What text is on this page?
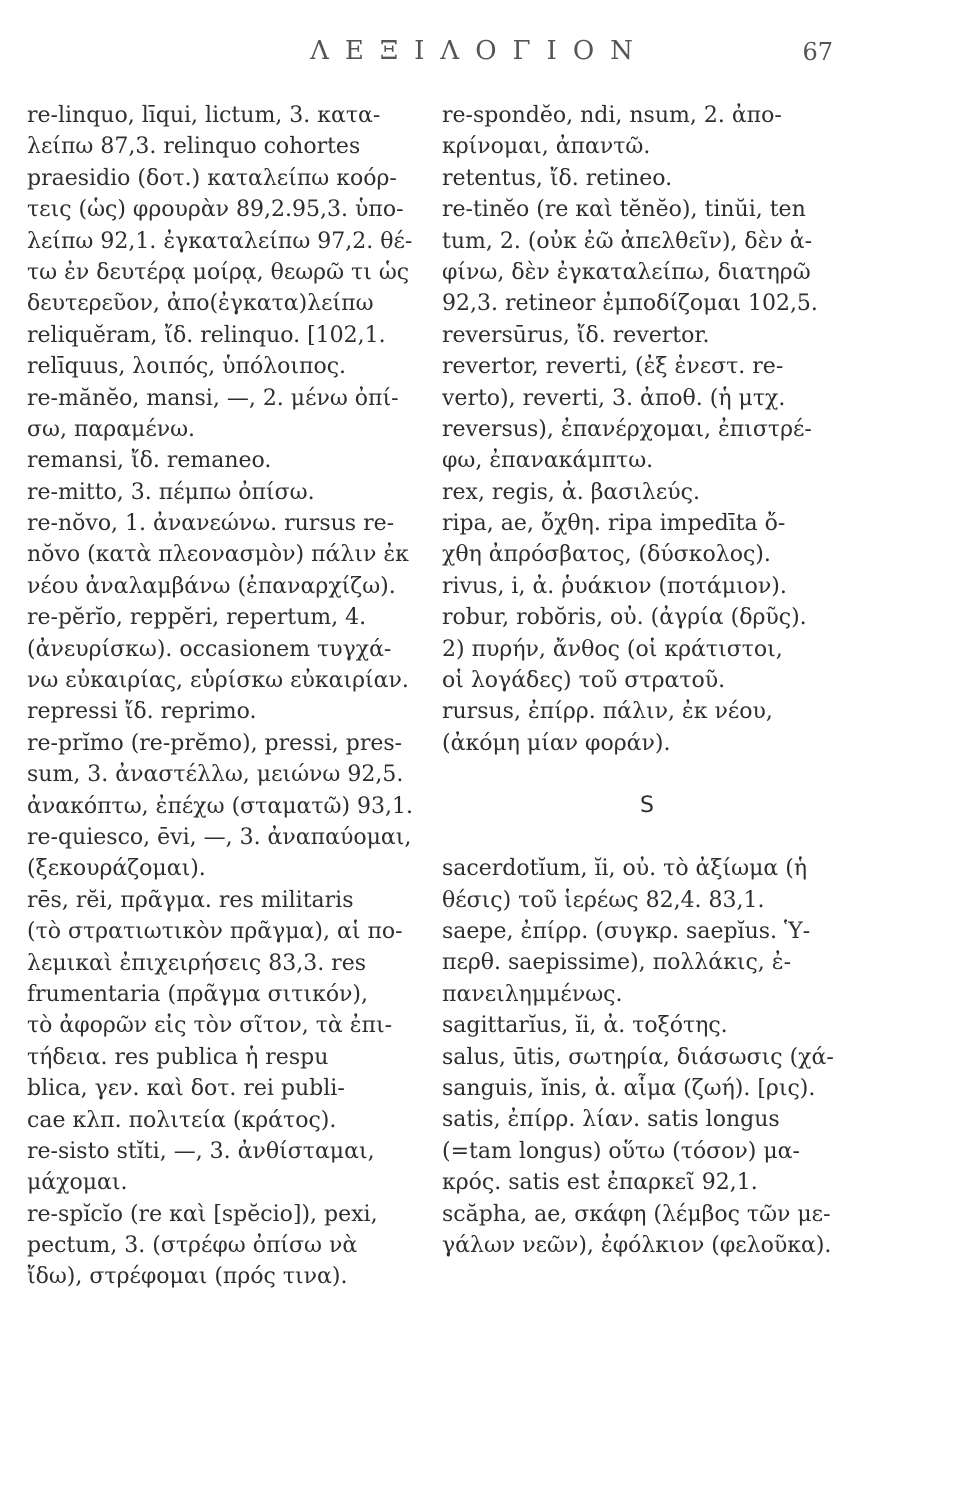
ΛΕΞΙΛΟΓΙΟΝ	67
re-linquo, līqui, lictum, 3. κατα-
λείπω 87,3. relinquo cohortes
praesidio (δοτ.) καταλείπω κοόρ-
τεις (ὡς) φρουρὰν 89,2.95,3. ὑπο-
λείπω 92,1. ἐγκαταλείπω 97,2. θέ-
τω ἐν δευτέρᾳ μοίρᾳ, θεωρῶ τι ὡς
δευτερεῦον, ἀπο(ἐγκατα)λείπω
reliquĕram, ἴδ. relinquo. [102,1.
relīquus, λοιπός, ὑπόλοιπος.
re-mănĕo, mansi, —, 2. μένω ὀπί-
σω, παραμένω.
remansi, ἴδ. remaneo.
re-mitto, 3. πέμπω ὀπίσω.
re-nŏvo, 1. ἀνανεώνω. rursus re-
nŏvo (κατὰ πλεονασμὸν) πάλιν ἐκ
νέου ἀναλαμβάνω (ἐπαναρχίζω).
re-pĕrĭo, reppĕri, repertum, 4.
(ἀνευρίσκω). occasionem τυγχά-
νω εὐκαιρίας, εὑρίσκω εὐκαιρίαν.
repressi ἴδ. reprimo.
re-prĭmo (re-prĕmo), pressi, pres-
sum, 3. ἀναστέλλω, μειώνω 92,5.
ἀνακόπτω, ἐπέχω (σταματῶ) 93,1.
re-quiesco, ēvi, —, 3. ἀναπαύομαι,
(ξεκουράζομαι).
rēs, rĕi, πρᾶγμα. res militaris
(τὸ στρατιωτικὸν πρᾶγμα), αἱ πο-
λεμικαὶ ἐπιχειρήσεις 83,3. res
frumentaria (πρᾶγμα σιτικόν),
τὸ ἀφορῶν εἰς τὸν σῖτον, τὰ ἐπι-
τήδεια. res publica ἡ respu
blica, γεν. καὶ δοτ. rei publi-
cae κλπ. πολιτεία (κράτος).
re-sisto stĭti, —, 3. ἀνθίσταμαι,
μάχομαι.
re-spĭcĭo (re καὶ [spĕcio]), pexi,
pectum, 3. (στρέφω ὀπίσω νὰ
ἴδω), στρέφομαι (πρός τινα).
re-spondĕo, ndi, nsum, 2. ἀπο-
κρίνομαι, ἀπαντῶ.
retentus, ἴδ. retineo.
re-tinĕo (re καὶ tĕnĕo), tinŭi, ten
tum, 2. (οὐκ ἐῶ ἀπελθεῖν), δὲν ἀ-
φίνω, δὲν ἐγκαταλείπω, διατηρῶ
92,3. retineor ἐμποδίζομαι 102,5.
reversūrus, ἴδ. revertor.
revertor, reverti, (ἐξ ἐνεστ. re-
verto), reverti, 3. ἀποθ. (ἡ μτχ.
reversus), ἐπανέρχομαι, ἐπιστρέ-
φω, ἐπανακάμπτω.
rex, regis, ἀ. βασιλεύς.
ripa, ae, ὄχθη. ripa impedīta ὄ-
χθη ἀπρόσβατος, (δύσκολος).
rivus, i, ἀ. ῥυάκιον (ποτάμιον).
robur, robŏris, οὐ. (ἀγρία (δρῦς).
2) πυρήν, ἄνθος (οἱ κράτιστοι,
οἱ λογάδες) τοῦ στρατοῦ.
rursus, ἐπίρρ. πάλιν, ἐκ νέου,
(ἀκόμη μίαν φοράν).
S
sacerdotĭum, ĭi, οὐ. τὸ ἀξίωμα (ἡ
θέσις) τοῦ ἱερέως 82,4. 83,1.
saepe, ἐπίρρ. (συγκρ. saepĭus. Ὑ-
περθ. saepissime), πολλάκις, ἐ-
πανειλημμένως.
sagittarĭus, ĭi, ἀ. τοξότης.
salus, ūtis, σωτηρία, διάσωσις (χά-
sanguis, ĭnis, ἀ. αἷμα (ζωή). [ρις).
satis, ἐπίρρ. λίαν. satis longus
(=tam longus) οὕτω (τόσον) μα-
κρός. satis est ἐπαρκεῖ 92,1.
scăpha, ae, σκάφη (λέμβος τῶν με-
γάλων νεῶν), ἐφόλκιον (φελοῦκα).
